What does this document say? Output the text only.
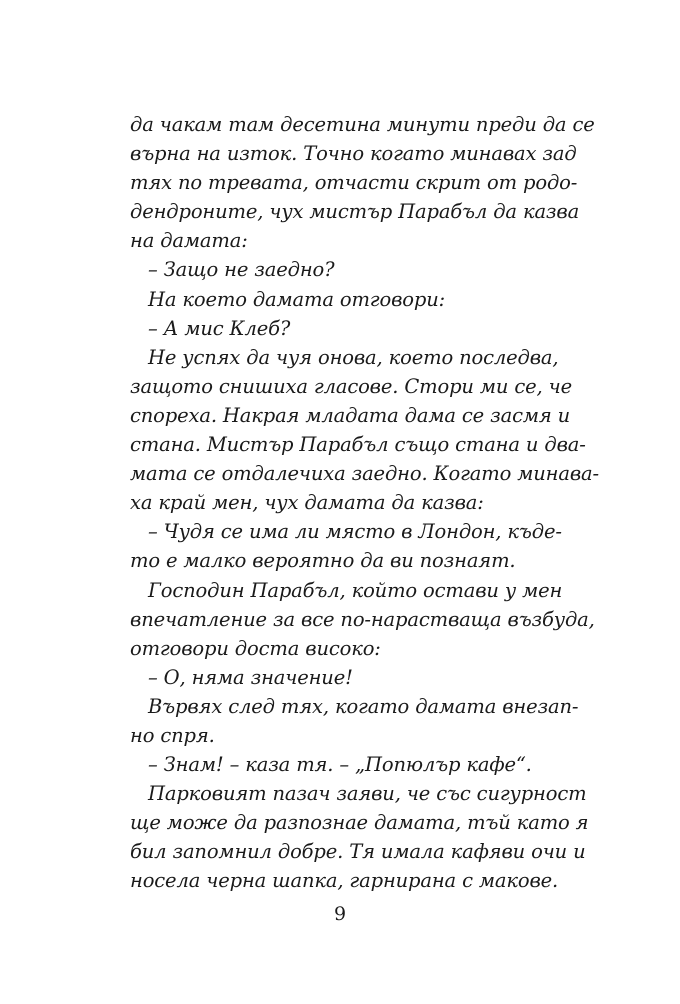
да чакам там десетина минути преди да се
върна на изток. Точно когато минавах зад
тях по тревата, отчасти скрит от родо-
дендроните, чух мистър Парабъл да казва
на дамата:
– Защо не заедно?
На което дамата отговори:
– А мис Клеб?
Не успях да чуя онова, което последва,
защото снишиха гласове. Стори ми се, че
спореха. Накрая младата дама се засмя и
стана. Мистър Парабъл също стана и два-
мата се отдалечиха заедно. Когато минава-
ха край мен, чух дамата да казва:
– Чудя се има ли място в Лондон, къде-
то е малко вероятно да ви познаят.
Господин Парабъл, който остави у мен
впечатление за все по-нарастваща възбуда,
отговори доста високо:
– О, няма значение!
Вървях след тях, когато дамата внезап-
но спря.
– Знам! – каза тя. – „Попюлър кафе“.
Парковият пазач заяви, че със сигурност
ще може да разпознае дамата, тъй като я
бил запомнил добре. Тя имала кафяви очи и
носела черна шапка, гарнирана с макове.
9
